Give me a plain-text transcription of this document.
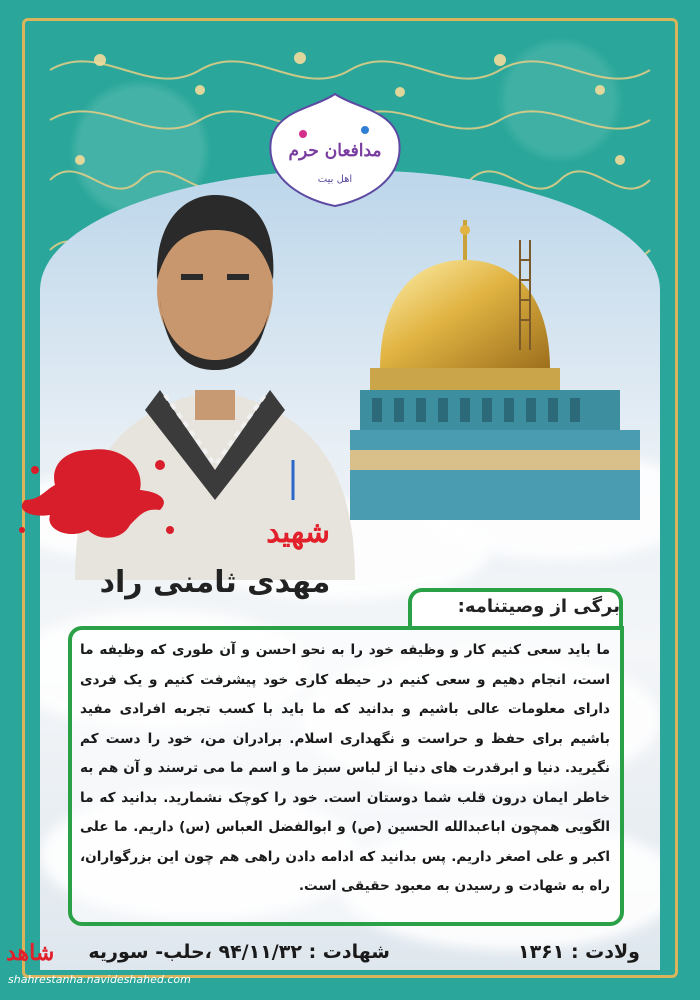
مدافعان حرم
اهل بیت
شهید
مهدی ثامنی راد
برگی از وصیتنامه:
ما باید سعی کنیم کار و وظیفه خود را به نحو احسن و آن طوری که وظیفه ما است، انجام دهیم و سعی کنیم در حیطه کاری خود پیشرفت کنیم و یک فردی دارای معلومات عالی باشیم و بدانید که ما باید با کسب تجربه افرادی مفید باشیم برای حفظ و حراست و نگهداری اسلام. برادران من، خود را دست کم نگیرید. دنیا و ابرقدرت های دنیا از لباس سبز ما و اسم ما می ترسند و آن هم به خاطر ایمان درون قلب شما دوستان است. خود را کوچک نشمارید. بدانید که ما الگویی همچون اباعبدالله الحسین (ص) و ابوالفضل العباس (س) داریم. ما علی اکبر و علی اصغر داریم. پس بدانید که ادامه دادن راهی هم چون این بزرگواران، راه به شهادت و رسیدن به معبود حقیقی است.
ولادت : ۱۳۶۱
شهادت : ۹۴/۱۱/۳۲ ،حلب- سوریه
شاهد
shahrestanha.navideshahed.com
